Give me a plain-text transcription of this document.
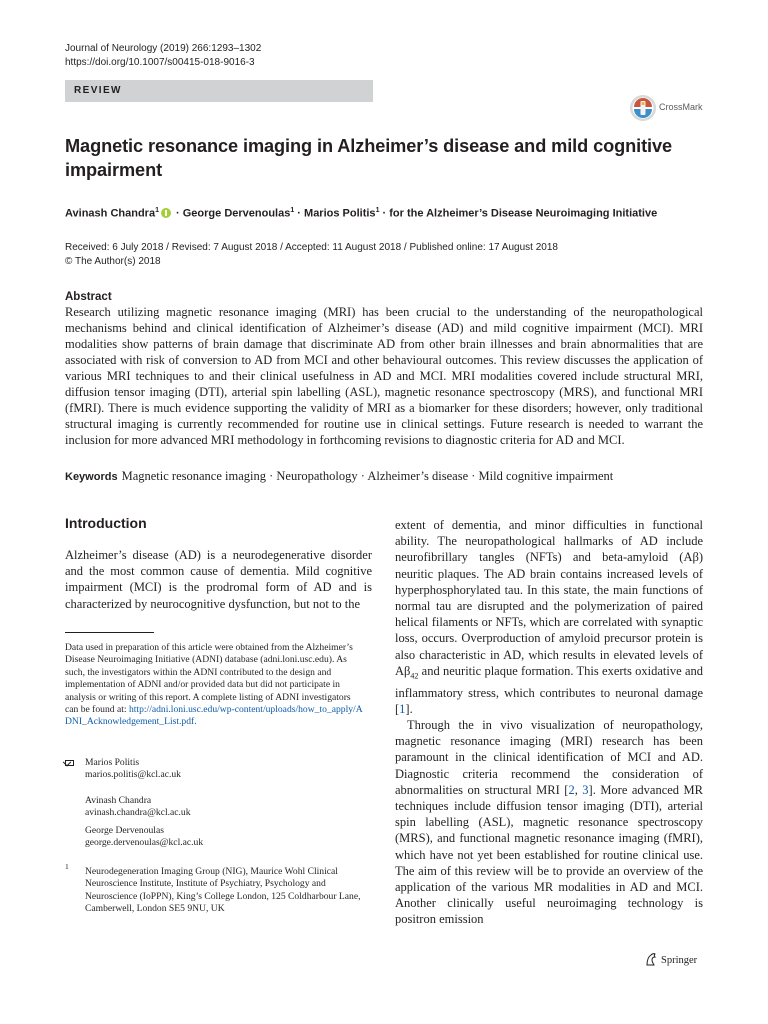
Journal of Neurology (2019) 266:1293–1302
https://doi.org/10.1007/s00415-018-9016-3
REVIEW
CrossMark
Magnetic resonance imaging in Alzheimer’s disease and mild cognitive impairment
Avinash Chandra$^1$ · George Dervenoulas$^1$ · Marios Politis$^1$ · for the Alzheimer’s Disease Neuroimaging Initiative
Received: 6 July 2018 / Revised: 7 August 2018 / Accepted: 11 August 2018 / Published online: 17 August 2018
© The Author(s) 2018
Abstract

Research utilizing magnetic resonance imaging (MRI) has been crucial to the understanding of the neuropathological mechanisms behind and clinical identification of Alzheimer’s disease (AD) and mild cognitive impairment (MCI). MRI modalities show patterns of brain damage that discriminate AD from other brain illnesses and brain abnormalities that are associated with risk of conversion to AD from MCI and other behavioural outcomes. This review discusses the application of various MRI techniques to and their clinical usefulness in AD and MCI. MRI modalities covered include structural MRI, diffusion tensor imaging (DTI), arterial spin labelling (ASL), magnetic resonance spectroscopy (MRS), and functional MRI (fMRI). There is much evidence supporting the validity of MRI as a biomarker for these disorders; however, only traditional structural imaging is currently recommended for routine use in clinical settings. Future research is needed to warrant the inclusion for more advanced MRI methodology in forthcoming revisions to diagnostic criteria for AD and MCI.

Keywords Magnetic resonance imaging · Neuropathology · Alzheimer’s disease · Mild cognitive impairment
Introduction

Alzheimer’s disease (AD) is a neurodegenerative disorder and the most common cause of dementia. Mild cognitive impairment (MCI) is the prodromal form of AD and is characterized by neurocognitive dysfunction, but not to the

extent of dementia, and minor difficulties in functional ability. The neuropathological hallmarks of AD include neurofibrillary tangles (NFTs) and beta-amyloid (Aβ) neuritic plaques. The AD brain contains increased levels of hyperphosphorylated tau. In this state, the main functions of normal tau are disrupted and the polymerization of paired helical filaments or NFTs, which are correlated with synaptic loss, occurs. Overproduction of amyloid precursor protein is also characteristic in AD, which results in elevated levels of $A\beta_{42}$ and neuritic plaque formation. This exerts oxidative and inflammatory stress, which contributes to neuronal damage [1].

Through the in vivo visualization of neuropathology, magnetic resonance imaging (MRI) research has been paramount in the clinical identification of MCI and AD. Diagnostic criteria recommend the consideration of abnormalities on structural MRI [2, 3]. More advanced MR techniques include diffusion tensor imaging (DTI), arterial spin labelling (ASL), magnetic resonance spectroscopy (MRS), and functional magnetic resonance imaging (fMRI), which have not yet been established for routine clinical use. The aim of this review will be to provide an overview of the application of the various MR modalities in AD and MCI. Another clinically useful neuroimaging technology is positron emission

Data used in preparation of this article were obtained from the Alzheimer’s Disease Neuroimaging Initiative (ADNI) database (adni.loni.usc.edu). As such, the investigators within the ADNI contributed to the design and implementation of ADNI and/or provided data but did not participate in analysis or writing of this report. A complete listing of ADNI investigators can be found at: http://adni.loni.usc.edu/wp-content/uploads/how_to_apply/ADNI_Acknowledgement_List.pdf.

Marios Politis
marios.politis@kcl.ac.uk
Avinash Chandra
avinash.chandra@kcl.ac.uk
George Dervenoulas
george.dervenoulas@kcl.ac.uk
1 Neurodegeneration Imaging Group (NIG), Maurice Wohl Clinical Neuroscience Institute, Institute of Psychiatry, Psychology and Neuroscience (IoPPN), King’s College London, 125 Coldharbour Lane, Camberwell, London SE5 9NU, UK

Springer
